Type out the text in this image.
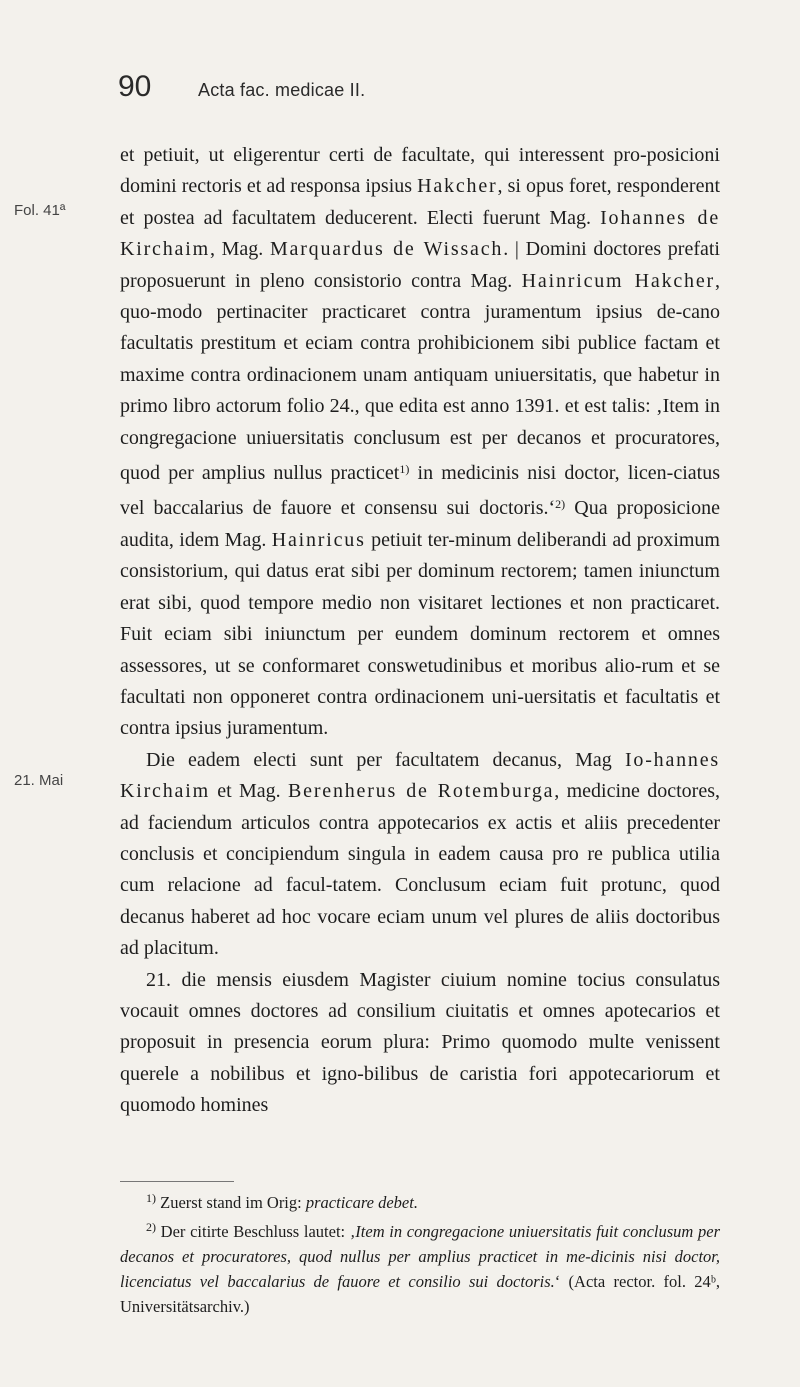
90	Acta fac. medicae II.
Fol. 41ª
21. Mai

et petiuit, ut eligerentur certi de facultate, qui interessent pro-posicioni domini rectoris et ad responsa ipsius Hakcher, si opus foret, responderent et postea ad facultatem deducerent. Electi fuerunt Mag. Iohannes de Kirchaim, Mag. Marquardus de Wissach. | Domini doctores prefati proposuerunt in pleno consistorio contra Mag. Hainricum Hakcher, quo-modo pertinaciter practicaret contra juramentum ipsius de-cano facultatis prestitum et eciam contra prohibicionem sibi publice factam et maxime contra ordinacionem unam antiquam uniuersitatis, que habetur in primo libro actorum folio 24., que edita est anno 1391. et est talis: ‚Item in congregacione uniuersitatis conclusum est per decanos et procuratores, quod per amplius nullus practicet$^{1)}$ in medicinis nisi doctor, licen-ciatus vel baccalarius de fauore et consensu sui doctoris.‘$^{2)}$ Qua proposicione audita, idem Mag. Hainricus petiuit ter-minum deliberandi ad proximum consistorium, qui datus erat sibi per dominum rectorem; tamen iniunctum erat sibi, quod tempore medio non visitaret lectiones et non practicaret. Fuit eciam sibi iniunctum per eundem dominum rectorem et omnes assessores, ut se conformaret conswetudinibus et moribus alio-rum et se facultati non opponeret contra ordinacionem uni-uersitatis et facultatis et contra ipsius juramentum.

Die eadem electi sunt per facultatem decanus, Mag Io-hannes Kirchaim et Mag. Berenherus de Rotemburga, medicine doctores, ad faciendum articulos contra appotecarios ex actis et aliis precedenter conclusis et concipiendum singula in eadem causa pro re publica utilia cum relacione ad facul-tatem. Conclusum eciam fuit protunc, quod decanus haberet ad hoc vocare eciam unum vel plures de aliis doctoribus ad placitum.

21. die mensis eiusdem Magister ciuium nomine tocius consulatus vocauit omnes doctores ad consilium ciuitatis et omnes apotecarios et proposuit in presencia eorum plura: Primo quomodo multe venissent querele a nobilibus et igno-bilibus de caristia fori appotecariorum et quomodo homines

$^{1)}$ Zuerst stand im Orig: practicare debet.

$^{2)}$ Der citirte Beschluss lautet: ‚Item in congregacione uniuersitatis fuit conclusum per decanos et procuratores, quod nullus per amplius practicet in me-dicinis nisi doctor, licenciatus vel baccalarius de fauore et consilio sui doctoris.‘ (Acta rector. fol. 24ᵇ, Universitätsarchiv.)
